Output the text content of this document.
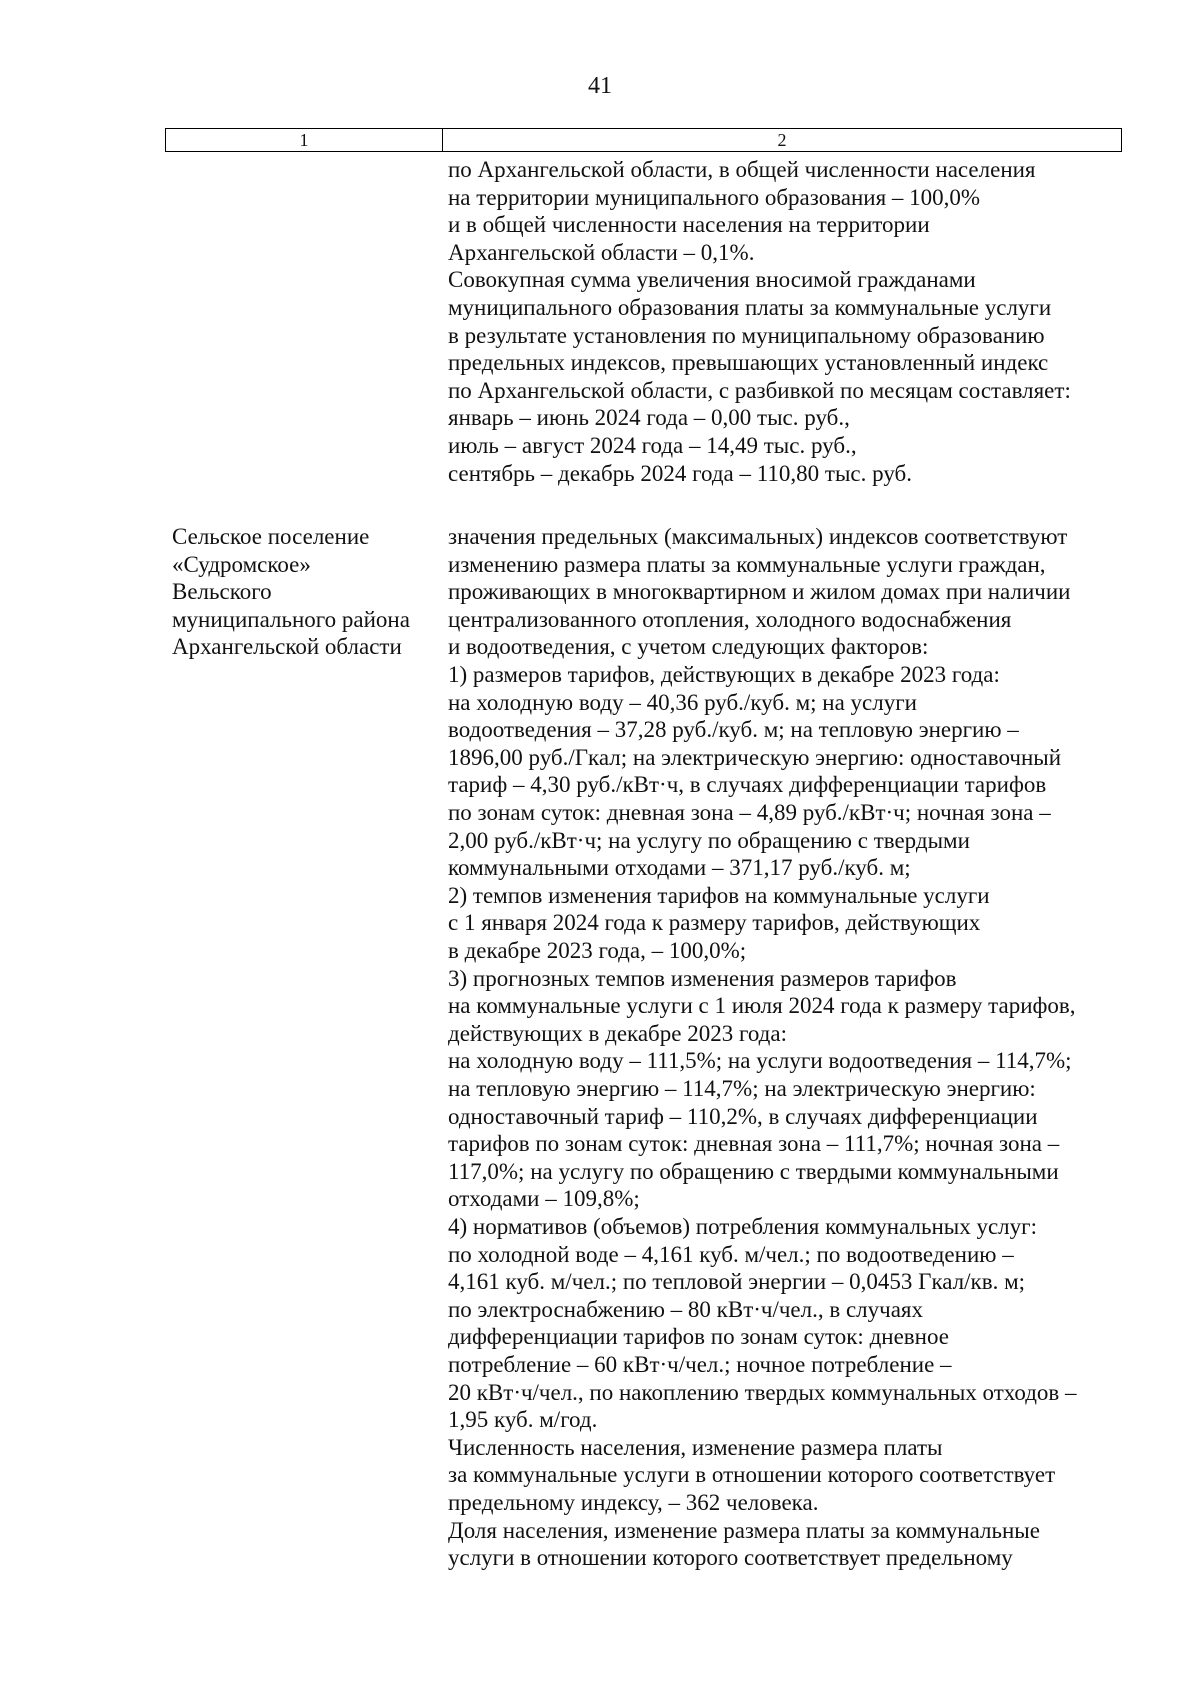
41
1	2
по Архангельской области, в общей численности населения
на территории муниципального образования – 100,0%
и в общей численности населения на территории
Архангельской области – 0,1%.
Совокупная сумма увеличения вносимой гражданами
муниципального образования платы за коммунальные услуги
в результате установления по муниципальному образованию
предельных индексов, превышающих установленный индекс
по Архангельской области, с разбивкой по месяцам составляет:
январь – июнь 2024 года – 0,00 тыс. руб.,
июль – август 2024 года – 14,49 тыс. руб.,
сентябрь – декабрь 2024 года – 110,80 тыс. руб.
Сельское поселение
«Судромское»
Вельского
муниципального района
Архангельской области
значения предельных (максимальных) индексов соответствуют
изменению размера платы за коммунальные услуги граждан,
проживающих в многоквартирном и жилом домах при наличии
централизованного отопления, холодного водоснабжения
и водоотведения, с учетом следующих факторов:
1) размеров тарифов, действующих в декабре 2023 года:
на холодную воду – 40,36 руб./куб. м; на услуги
водоотведения – 37,28 руб./куб. м; на тепловую энергию –
1896,00 руб./Гкал; на электрическую энергию: одноставочный
тариф – 4,30 руб./кВт·ч, в случаях дифференциации тарифов
по зонам суток: дневная зона – 4,89 руб./кВт·ч; ночная зона –
2,00 руб./кВт·ч; на услугу по обращению с твердыми
коммунальными отходами – 371,17 руб./куб. м;
2) темпов изменения тарифов на коммунальные услуги
с 1 января 2024 года к размеру тарифов, действующих
в декабре 2023 года, – 100,0%;
3) прогнозных темпов изменения размеров тарифов
на коммунальные услуги с 1 июля 2024 года к размеру тарифов,
действующих в декабре 2023 года:
на холодную воду – 111,5%; на услуги водоотведения – 114,7%;
на тепловую энергию – 114,7%; на электрическую энергию:
одноставочный тариф – 110,2%, в случаях дифференциации
тарифов по зонам суток: дневная зона – 111,7%; ночная зона –
117,0%; на услугу по обращению с твердыми коммунальными
отходами – 109,8%;
4) нормативов (объемов) потребления коммунальных услуг:
по холодной воде – 4,161 куб. м/чел.; по водоотведению –
4,161 куб. м/чел.; по тепловой энергии – 0,0453 Гкал/кв. м;
по электроснабжению – 80 кВт·ч/чел., в случаях
дифференциации тарифов по зонам суток: дневное
потребление – 60 кВт·ч/чел.; ночное потребление –
20 кВт·ч/чел., по накоплению твердых коммунальных отходов –
1,95 куб. м/год.
Численность населения, изменение размера платы
за коммунальные услуги в отношении которого соответствует
предельному индексу, – 362 человека.
Доля населения, изменение размера платы за коммунальные
услуги в отношении которого соответствует предельному
